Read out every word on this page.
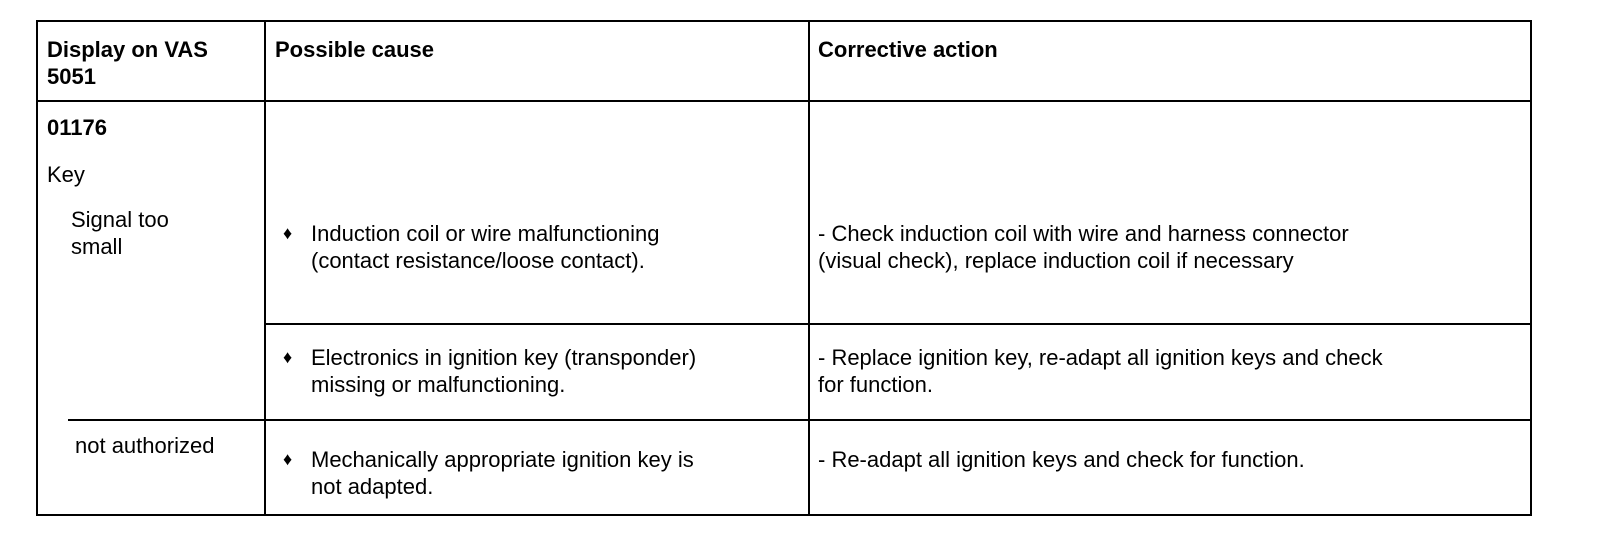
Display on VAS
5051
Possible cause	Corrective action
01176
Key
Signal too
small
not authorized
♦ Induction coil or wire malfunctioning
(contact resistance/loose contact).
- Check induction coil with wire and harness connector
(visual check), replace induction coil if necessary
♦ Electronics in ignition key (transponder)
missing or malfunctioning.
- Replace ignition key, re-adapt all ignition keys and check
for function.
♦ Mechanically appropriate ignition key is
not adapted.
- Re-adapt all ignition keys and check for function.
